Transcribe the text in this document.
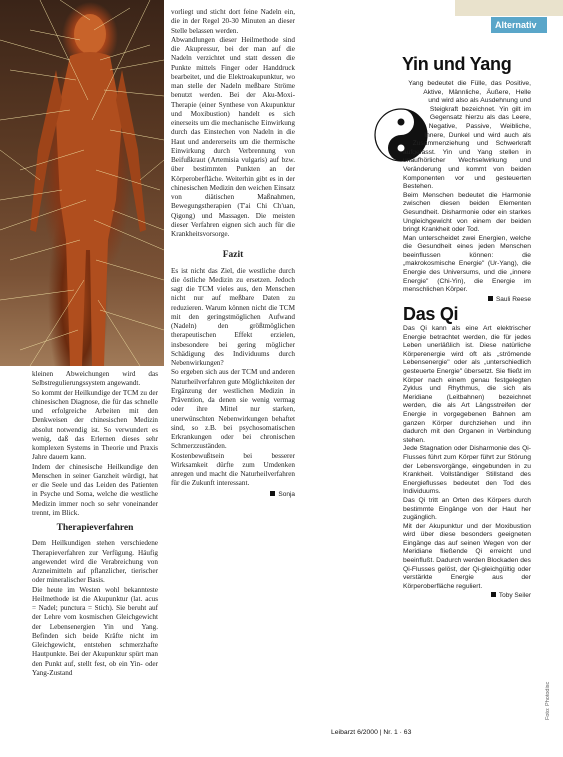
Alternativ

kleinen Abweichungen wird das Selbstregulierungssystem angewandt.

So kommt der Heilkundige der TCM zu der chinesischen Diagnose, die für das schnelle und erfolgreiche Arbeiten mit den Denkweisen der chinesischen Medizin absolut notwendig ist. So verwundert es wenig, daß das Erlernen dieses sehr komplexen Systems in Theorie und Praxis Jahre dauern kann.

Indem der chinesische Heilkundige den Menschen in seiner Ganzheit würdigt, hat er die Seele und das Leiden des Patienten in Psyche und Soma, welche die westliche Medizin immer noch so sehr voneinander trennt, im Blick.

Therapieverfahren

Dem Heilkundigen stehen verschiedene Therapieverfahren zur Verfügung. Häufig angewendet wird die Verabreichung von Arzneimitteln auf pflanzlicher, tierischer oder mineralischer Basis.

Die heute im Westen wohl bekannteste Heilmethode ist die Akupunktur (lat. acus = Nadel; punctura = Stich). Sie beruht auf der Lehre vom kosmischen Gleichgewicht der Lebensenergien Yin und Yang. Befinden sich beide Kräfte nicht im Gleichgewicht, entstehen schmerzhafte Hautpunkte. Bei der Akupunktur spürt man den Punkt auf, stellt fest, ob ein Yin- oder Yang-Zustand

vorliegt und sticht dort feine Nadeln ein, die in der Regel 20-30 Minuten an dieser Stelle belassen werden.

Abwandlungen dieser Heilmethode sind die Akupressur, bei der man auf die Nadeln verzichtet und statt dessen die Punkte mittels Finger oder Handdruck bearbeitet, und die Elektroakupunktur, wo man stelle der Nadeln meßbare Ströme benutzt werden. Bei der Aku-Moxi-Therapie (einer Synthese von Akupunktur und Moxibustion) handelt es sich einerseits um die mechanische Einwirkung durch das Einstechen von Nadeln in die Haut und andererseits um die thermische Einwirkung durch Verbrennung von Beifußkraut (Artemisia vulgaris) auf bzw. über bestimmten Punkten an der Körperoberfläche. Weiterhin gibt es in der chinesischen Medizin den weichen Einsatz von diätischen Maßnahmen, Bewegungstherapien (T'ai Chi Ch'uan, Qigong) und Massagen. Die meisten dieser Verfahren eignen sich auch für die Krankheitsvorsorge.

Fazit

Es ist nicht das Ziel, die westliche durch die östliche Medizin zu ersetzen. Jedoch sagt die TCM vieles aus, den Menschen nicht nur auf meßbare Daten zu reduzieren. Warum können nicht die TCM mit den geringstmöglichen Aufwand (Nadeln) den größtmöglichen therapeutischen Effekt erzielen, insbesondere bei gering möglicher Schädigung des Individuums durch Nebenwirkungen?

So ergeben sich aus der TCM und anderen Naturheilverfahren gute Möglichkeiten der Ergänzung der westlichen Medizin in Prävention, da denen sie wenig vermag oder ihre Mittel nur starken, unerwünschten Nebenwirkungen behaftet sind, so z.B. bei psychosomatischen Erkrankungen oder bei chronischen Schmerzzuständen.

Kostenbewußtsein bei besserer Wirksamkeit dürfte zum Umdenken anregen und macht die Naturheilverfahren für die Zukunft interessant.

Sonja
Yin und Yang

Yang bedeutet die Fülle, das Positive, Aktive, Männliche, Äußere, Helle und wird also als Ausdehnung und Steigkraft bezeichnet. Yin gilt im Gegensatz hierzu als das Leere, Negative, Passive, Weibliche, Innere, Dunkel und wird auch als Zusammenziehung und Schwerkraft aufgefasst. Yin und Yang stellen in unaufhörlicher Wechselwirkung und Veränderung und kommt von beiden Komponenten vor und gesteuerten Bestehen.

Beim Menschen bedeutet die Harmonie zwischen diesen beiden Elementen Gesundheit. Disharmonie oder ein starkes Ungleichgewicht von einem der beiden bringt Krankheit oder Tod.

Man unterscheidet zwei Energien, welche die Gesundheit eines jeden Menschen beeinflussen können: die „makrokosmische Energie" (Ur-Yang), die Energie des Universums, und die „innere Energie" (Chi-Yin), die Energie im menschlichen Körper.

Sauli Reese
Das Qi

Das Qi kann als eine Art elektrischer Energie betrachtet werden, die für jedes Leben unerläßlich ist. Diese natürliche Körperenergie wird oft als „strömende Lebensenergie" oder als „unterschiedlich gesteuerte Energie" übersetzt. Sie fließt im Körper nach einem genau festgelegten Zyklus und Rhythmus, die sich als Meridiane (Leitbahnen) bezeichnet werden, die als Art Längsstreifen der Energie in vorgegebenen Bahnen am ganzen Körper durchziehen und ihn dadurch mit den Organen in Verbindung stehen.

Jede Stagnation oder Disharmonie des Qi-Flusses führt zum Körper führt zur Störung der Lebensvorgänge, eingebunden in zu Krankheit. Vollständiger Stillstand des Energieflusses bedeutet den Tod des Individuums.

Das Qi tritt an Orten des Körpers durch bestimmte Eingänge von der Haut her zugänglich.

Mit der Akupunktur und der Moxibustion wird über diese besonders geeigneten Eingänge das auf seinen Wegen von der Meridiane fließende Qi erreicht und beeinflußt. Dadurch werden Blockaden des Qi-Flusses gelöst, der Qi-gleichgültig oder verstärkte Energie aus der Körperoberfläche reguliert.

Toby Seiler
Foto: Photodisc
Leibarzt 6/2000 | Nr. 1 · 63
